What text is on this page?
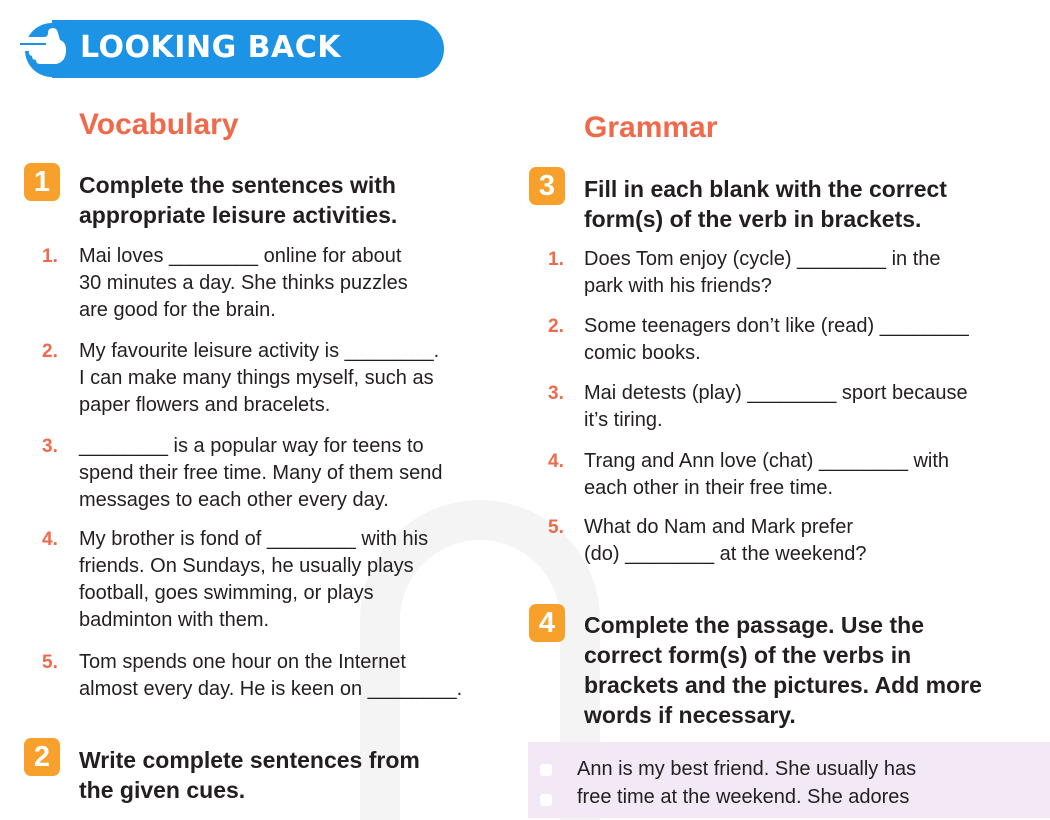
LOOKING BACK
Vocabulary
1	Complete the sentences with
appropriate leisure activities.
1. Mai loves ________ online for about
30 minutes a day. She thinks puzzles
are good for the brain.
2. My favourite leisure activity is ________.
I can make many things myself, such as
paper flowers and bracelets.
3. ________ is a popular way for teens to
spend their free time. Many of them send
messages to each other every day.
4. My brother is fond of ________ with his
friends. On Sundays, he usually plays
football, goes swimming, or plays
badminton with them.
5. Tom spends one hour on the Internet
almost every day. He is keen on ________.
2	Write complete sentences from
the given cues.
Grammar
3	Fill in each blank with the correct
form(s) of the verb in brackets.
1. Does Tom enjoy (cycle) ________ in the
park with his friends?
2. Some teenagers don’t like (read) ________
comic books.
3. Mai detests (play) ________ sport because
it’s tiring.
4. Trang and Ann love (chat) ________ with
each other in their free time.
5. What do Nam and Mark prefer
(do) ________ at the weekend?
4	Complete the passage. Use the
correct form(s) of the verbs in
brackets and the pictures. Add more
words if necessary.
Ann is my best friend. She usually has
free time at the weekend. She adores
